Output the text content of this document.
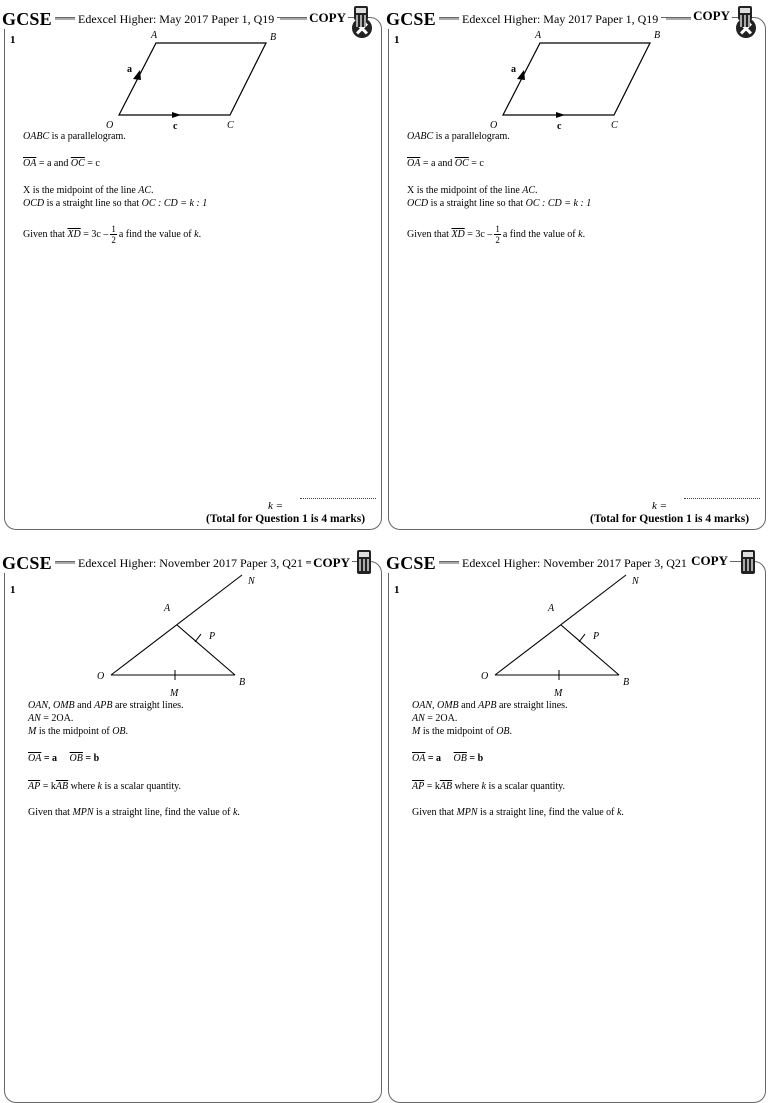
GCSE Edexcel Higher: May 2017 Paper 1, Q19	COPY
1	A	B
O	C
a
c
OABC is a parallelogram.
$\overline{OA} = a$ and $\overline{OC} = c$
X is the midpoint of the line AC.
OCD is a straight line so that OC : CD = k : 1
Given that $\overline{XD} = 3c - \frac{1}{2}$ a find the value of k.
k =
(Total for Question 1 is 4 marks)
GCSE Edexcel Higher: May 2017 Paper 1, Q19	COPY
1	A	B
O	C
a
c
OABC is a parallelogram.
$\overline{OA} = a$ and $\overline{OC} = c$
X is the midpoint of the line AC.
OCD is a straight line so that OC : CD = k : 1
Given that $\overline{XD} = 3c - \frac{1}{2}$ a find the value of k.
k =
(Total for Question 1 is 4 marks)
GCSE Edexcel Higher: November 2017 Paper 3, Q21 COPY
1
N
A
P
O
B
M
OAN, OMB and APB are straight lines.
AN = 2OA.
M is the midpoint of OB.
$\overline{OA} = a$ $\overline{OB} = b$
$\overline{AP} = k\overline{AB}$ where k is a scalar quantity.
Given that MPN is a straight line, find the value of k.
GCSE Edexcel Higher: November 2017 Paper 3, Q21 COPY
1
N
A
P
O
B
M
OAN, OMB and APB are straight lines.
AN = 2OA.
M is the midpoint of OB.
$\overline{OA} = a$ $\overline{OB} = b$
$\overline{AP} = k\overline{AB}$ where k is a scalar quantity.
Given that MPN is a straight line, find the value of k.
